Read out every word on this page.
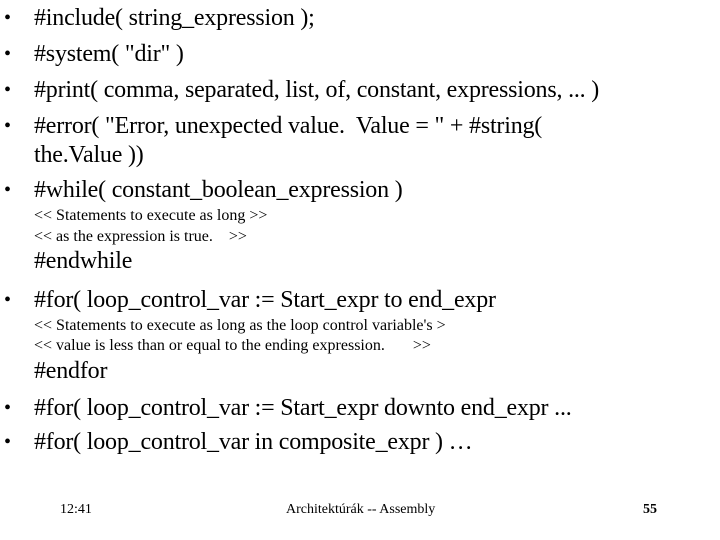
•
•
•
•
•
•
•
•
#include( string_expression );
#system( "dir" )
#print( comma, separated, list, of, constant, expressions, ... )
#error( "Error, unexpected value.  Value = " + #string(
the.Value ))
#while( constant_boolean_expression )
<< Statements to execute as long >>
<< as the expression is true.    >>
#endwhile
#for( loop_control_var := Start_expr to end_expr
<< Statements to execute as long as the loop control variable's >
<< value is less than or equal to the ending expression.       >>
#endfor
#for( loop_control_var := Start_expr downto end_expr ...
#for( loop_control_var in composite_expr ) …
12:41	Architektúrák -- Assembly	55
